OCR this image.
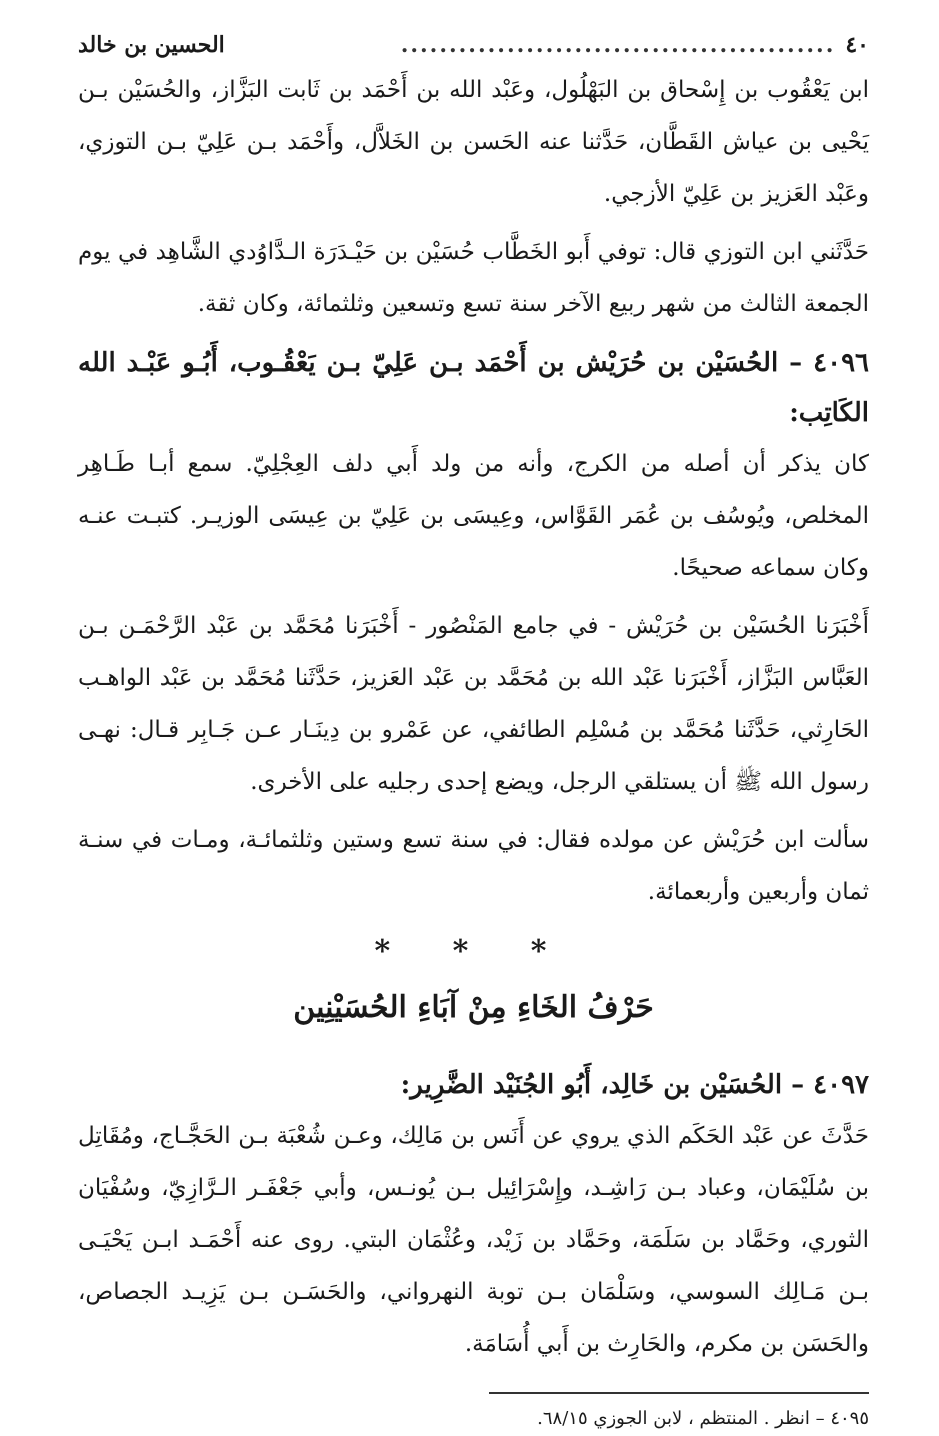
٤٠
.............................................
الحسين بن خالد

ابن يَعْقُوب بن إِسْحاق بن البَهْلُول، وعَبْد الله بن أَحْمَد بن ثَابت البَزَّاز، والحُسَيْن بـن يَحْيى بن عياش القَطَّان، حَدَّثنا عنه الحَسن بن الخَلاَّل، وأَحْمَد بـن عَلِيّ بـن التوزي، وعَبْد العَزيز بن عَلِيّ الأزجي.

حَدَّثَني ابن التوزي قال: توفي أَبو الخَطَّاب حُسَيْن بن حَيْـدَرَة الـدَّاوُدي الشَّاهِد في يوم الجمعة الثالث من شهر ربيع الآخر سنة تسع وتسعين وثلثمائة، وكان ثقة.

٤٠٩٦ – الحُسَيْن بن حُرَيْش بن أَحْمَد بـن عَلِيّ بـن يَعْقُـوب، أَبُـو عَبْـد الله الكَاتِب:

كان يذكر أن أصله من الكرج، وأنه من ولد أَبي دلف العِجْلِيّ. سمع أبـا طَـاهِر المخلص، ويُوسُف بن عُمَر القَوَّاس، وعِيسَى بن عَلِيّ بن عِيسَى الوزيـر. كتبـت عنـه وكان سماعه صحيحًا.

أَخْبَرَنا الحُسَيْن بن حُرَيْش - في جامع المَنْصُور - أَخْبَرَنا مُحَمَّد بن عَبْد الرَّحْمَـن بـن العَبَّاس البَزَّاز، أَخْبَرَنا عَبْد الله بن مُحَمَّد بن عَبْد العَزيز، حَدَّثَنا مُحَمَّد بن عَبْد الواهـب الحَارِثي، حَدَّثَنا مُحَمَّد بن مُسْلِم الطائفي، عن عَمْرو بن دِينَـار عـن جَـابِر قـال: نهـى رسول الله ﷺ أن يستلقي الرجل، ويضع إحدى رجليه على الأخرى.

سألت ابن حُرَيْش عن مولده فقال: في سنة تسع وستين وثلثمائـة، ومـات في سنـة ثمان وأربعين وأربعمائة.

* * *
حَرْفُ الخَاءِ مِنْ آبَاءِ الحُسَيْنِين
٤٠٩٧ – الحُسَيْن بن خَالِد، أَبُو الجُنَيْد الضَّرِير:

حَدَّثَ عن عَبْد الحَكَم الذي يروي عن أَنَس بن مَالِك، وعـن شُعْبَة بـن الحَجَّـاج، ومُقَاتِل بن سُلَيْمَان، وعباد بـن رَاشِـد، وإِسْرَائِيل بـن يُونـس، وأبي جَعْفَـر الـرَّازِيّ، وسُفْيَان الثوري، وحَمَّاد بن سَلَمَة، وحَمَّاد بن زَيْد، وعُثْمَان البتي. روى عنه أَحْمَـد ابـن يَحْيَـى بـن مَـالِك السوسي، وسَلْمَان بـن توبة النهرواني، والحَسَـن بـن يَزِيـد الجصاص، والحَسَن بن مكرم، والحَارِث بن أَبي أُسَامَة.

٤٠٩٥ – انظر . المنتظم ، لابن الجوزي ٦٨/١٥.
